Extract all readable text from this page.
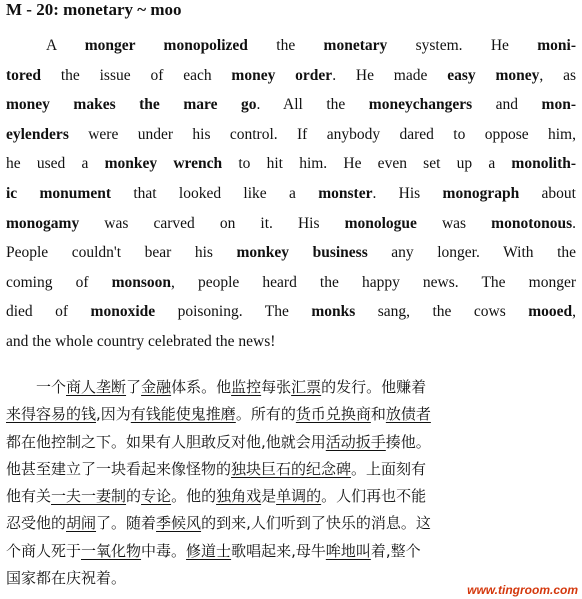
M - 20: monetary ~ moo
A monger monopolized the monetary system. He moni-
tored the issue of each money order. He made easy money, as
money makes the mare go. All the moneychangers and mon-
eylenders were under his control. If anybody dared to oppose him,
he used a monkey wrench to hit him. He even set up a monolith-
ic monument that looked like a monster. His monograph about
monogamy was carved on it. His monologue was monotonous.
People couldn't bear his monkey business any longer. With the
coming of monsoon, people heard the happy news. The monger
died of monoxide poisoning. The monks sang, the cows mooed,
and the whole country celebrated the news!
一个商人垄断了金融体系。他监控每张汇票的发行。他赚着
来得容易的钱,因为有钱能使鬼推磨。所有的货币兑换商和放债者
都在他控制之下。如果有人胆敢反对他,他就会用活动扳手揍他。
他甚至建立了一块看起来像怪物的独块巨石的纪念碑。上面刻有
他有关一夫一妻制的专论。他的独角戏是单调的。人们再也不能
忍受他的胡闹了。随着季候风的到来,人们听到了快乐的消息。这
个商人死于一氧化物中毒。修道士歌唱起来,母牛哞地叫着,整个
国家都在庆祝着。
www.tingroom.com
